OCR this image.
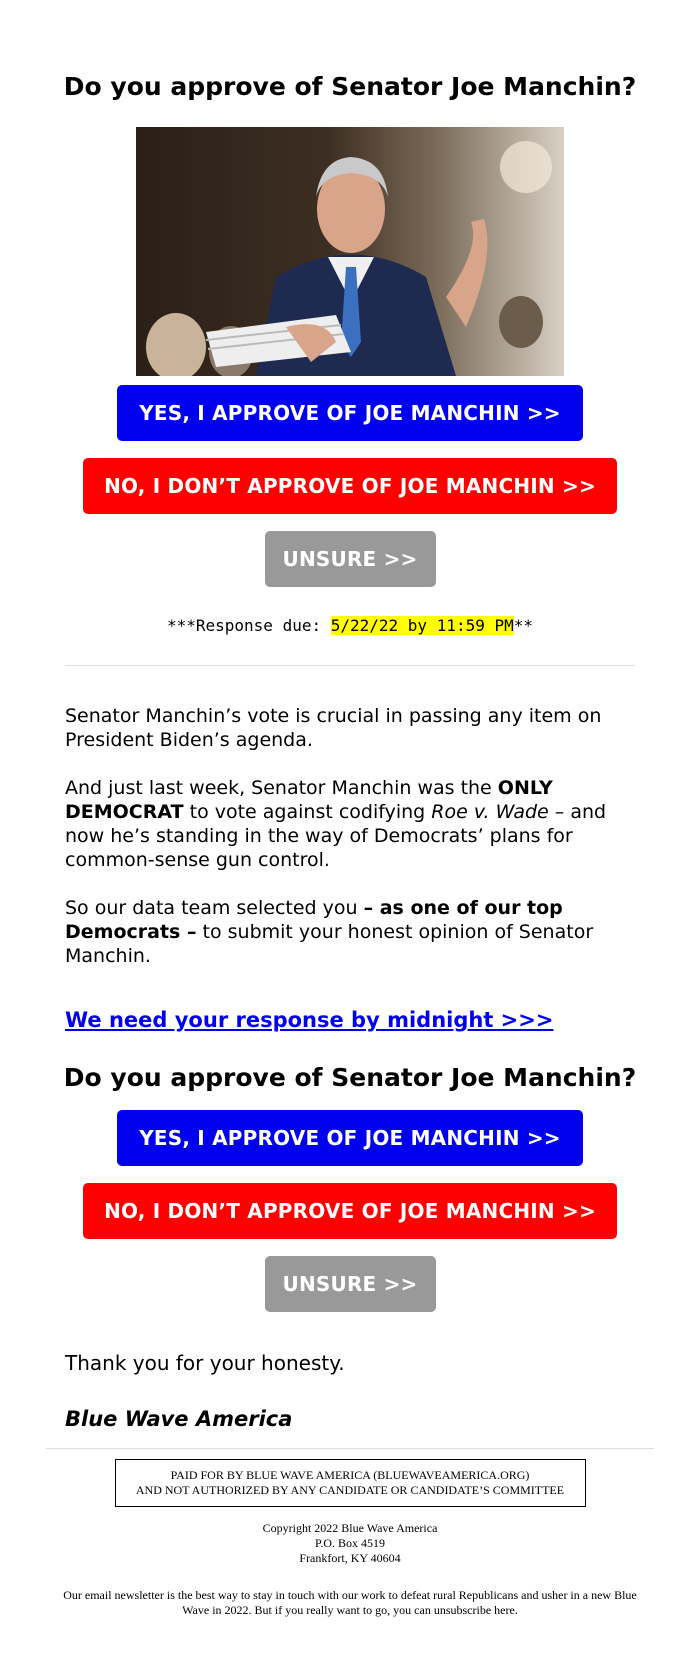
Do you approve of Senator Joe Manchin?
YES, I APPROVE OF JOE MANCHIN >>
NO, I DON’T APPROVE OF JOE MANCHIN >>
UNSURE >>
***Response due: 5/22/22 by 11:59 PM**

Senator Manchin’s vote is crucial in passing any item on President Biden’s agenda.

And just last week, Senator Manchin was the ONLY DEMOCRAT to vote against codifying Roe v. Wade – and now he’s standing in the way of Democrats’ plans for common-sense gun control.

So our data team selected you – as one of our top Democrats – to submit your honest opinion of Senator Manchin.

We need your response by midnight >>>
Do you approve of Senator Joe Manchin?
YES, I APPROVE OF JOE MANCHIN >>
NO, I DON’T APPROVE OF JOE MANCHIN >>
UNSURE >>
Thank you for your honesty.
Blue Wave America
PAID FOR BY BLUE WAVE AMERICA (BLUEWAVEAMERICA.ORG)
AND NOT AUTHORIZED BY ANY CANDIDATE OR CANDIDATE’S COMMITTEE
Copyright 2022 Blue Wave America
P.O. Box 4519
Frankfort, KY 40604
Our email newsletter is the best way to stay in touch with our work to defeat rural Republicans and usher in a new Blue Wave in 2022. But if you really want to go, you can unsubscribe here.
